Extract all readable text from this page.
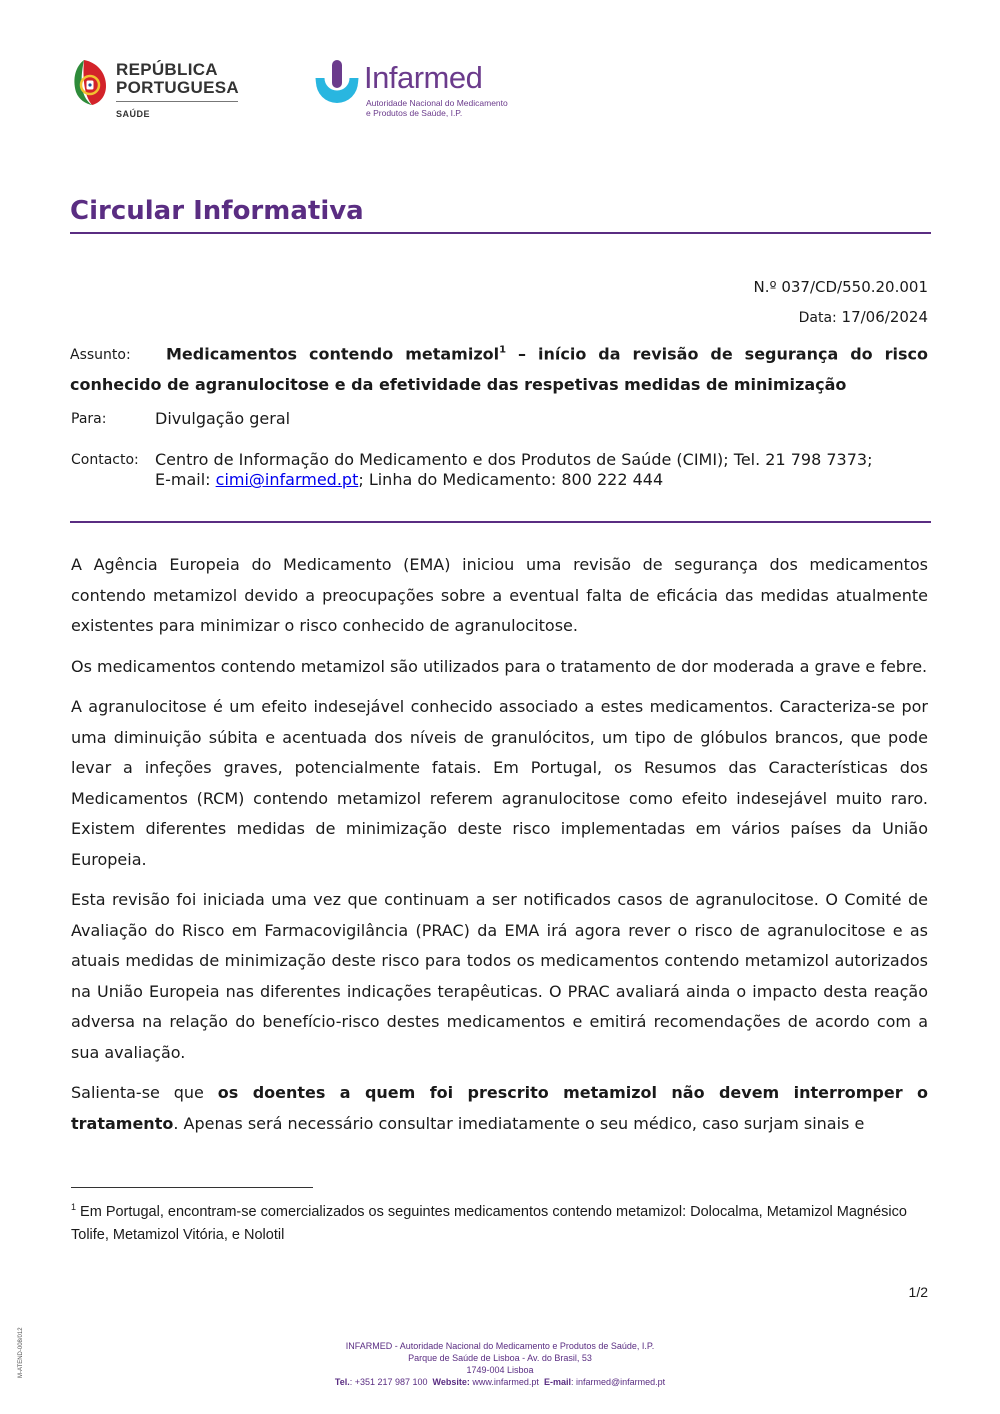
REPÚBLICA
PORTUGUESA
SAÚDE
Infarmed
Autoridade Nacional do Medicamento
e Produtos de Saúde, I.P.
Circular Informativa
N.º 037/CD/550.20.001
Data: 17/06/2024
Assunto: Medicamentos contendo metamizol$^1$ – início da revisão de segurança do risco conhecido de agranulocitose e da efetividade das respetivas medidas de minimização
Para:	Divulgação geral
Contacto: Centro de Informação do Medicamento e dos Produtos de Saúde (CIMI); Tel. 21 798 7373;
E-mail: cimi@infarmed.pt; Linha do Medicamento: 800 222 444

A Agência Europeia do Medicamento (EMA) iniciou uma revisão de segurança dos medicamentos contendo metamizol devido a preocupações sobre a eventual falta de eficácia das medidas atualmente existentes para minimizar o risco conhecido de agranulocitose.

Os medicamentos contendo metamizol são utilizados para o tratamento de dor moderada a grave e febre.

A agranulocitose é um efeito indesejável conhecido associado a estes medicamentos. Caracteriza-se por uma diminuição súbita e acentuada dos níveis de granulócitos, um tipo de glóbulos brancos, que pode levar a infeções graves, potencialmente fatais. Em Portugal, os Resumos das Características dos Medicamentos (RCM) contendo metamizol referem agranulocitose como efeito indesejável muito raro. Existem diferentes medidas de minimização deste risco implementadas em vários países da União Europeia.

Esta revisão foi iniciada uma vez que continuam a ser notificados casos de agranulocitose. O Comité de Avaliação do Risco em Farmacovigilância (PRAC) da EMA irá agora rever o risco de agranulocitose e as atuais medidas de minimização deste risco para todos os medicamentos contendo metamizol autorizados na União Europeia nas diferentes indicações terapêuticas. O PRAC avaliará ainda o impacto desta reação adversa na relação do benefício-risco destes medicamentos e emitirá recomendações de acordo com a sua avaliação.

Salienta-se que os doentes a quem foi prescrito metamizol não devem interromper o tratamento. Apenas será necessário consultar imediatamente o seu médico, caso surjam sinais e

$^1$ Em Portugal, encontram-se comercializados os seguintes medicamentos contendo metamizol: Dolocalma, Metamizol Magnésico Tolife, Metamizol Vitória, e Nolotil
1/2
M-ATEND-008/012	INFARMED - Autoridade Nacional do Medicamento e Produtos de Saúde, I.P.
Parque de Saúde de Lisboa - Av. do Brasil, 53
1749-004 Lisboa
Tel.: +351 217 987 100 Website: www.infarmed.pt E-mail: infarmed@infarmed.pt
